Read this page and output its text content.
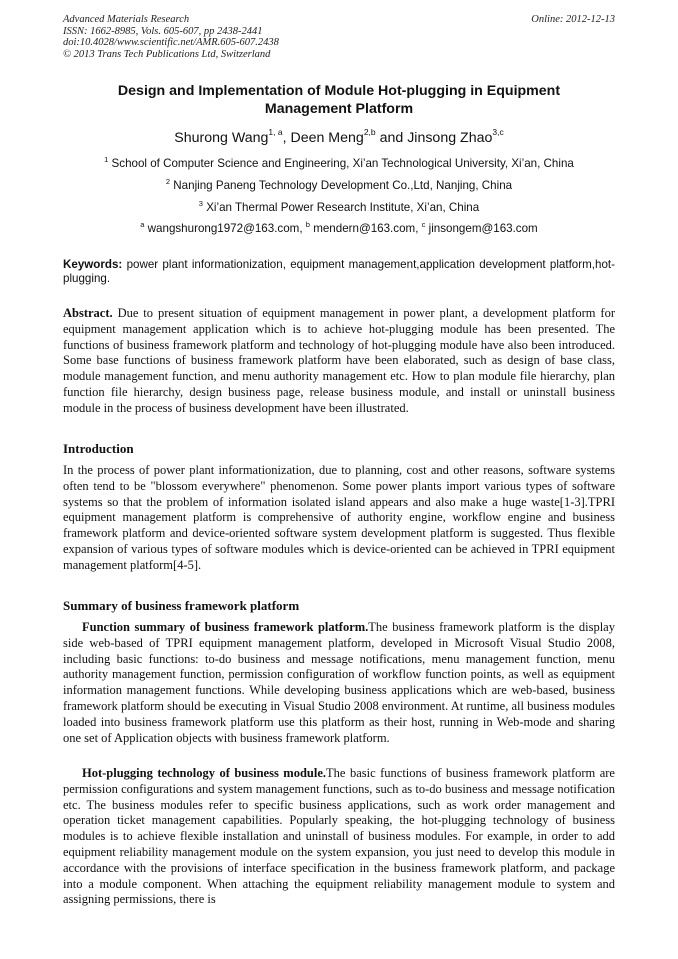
Advanced Materials Research
ISSN: 1662-8985, Vols. 605-607, pp 2438-2441
doi:10.4028/www.scientific.net/AMR.605-607.2438
© 2013 Trans Tech Publications Ltd, Switzerland
Online: 2012-12-13
Design and Implementation of Module Hot-plugging in Equipment
Management Platform
Shurong Wang$^{1, a}$, Deen Meng$^{2,b}$ and Jinsong Zhao$^{3,c}$
$^1$ School of Computer Science and Engineering, Xi’an Technological University, Xi’an, China
$^2$ Nanjing Paneng Technology Development Co.,Ltd, Nanjing, China
$^3$ Xi’an Thermal Power Research Institute, Xi’an, China
$^a$ wangshurong1972@163.com, $^b$ mendern@163.com, $^c$ jinsongem@163.com
Keywords: power plant informationization, equipment management,application development platform,hot-plugging.
Abstract. Due to present situation of equipment management in power plant, a development platform for equipment management application which is to achieve hot-plugging module has been presented. The functions of business framework platform and technology of hot-plugging module have also been introduced. Some base functions of business framework platform have been elaborated, such as design of base class, module management function, and menu authority management etc. How to plan module file hierarchy, plan function file hierarchy, design business page, release business module, and install or uninstall business module in the process of business development have been illustrated.
Introduction
In the process of power plant informationization, due to planning, cost and other reasons, software systems often tend to be "blossom everywhere" phenomenon. Some power plants import various types of software systems so that the problem of information isolated island appears and also make a huge waste[1-3].TPRI equipment management platform is comprehensive of authority engine, workflow engine and business framework platform and device-oriented software system development platform is suggested. Thus flexible expansion of various types of software modules which is device-oriented can be achieved in TPRI equipment management platform[4-5].
Summary of business framework platform
Function summary of business framework platform.The business framework platform is the display side web-based of TPRI equipment management platform, developed in Microsoft Visual Studio 2008, including basic functions: to-do business and message notifications, menu management function, menu authority management function, permission configuration of workflow function points, as well as equipment information management functions. While developing business applications which are web-based, business framework platform should be executing in Visual Studio 2008 environment. At runtime, all business modules loaded into business framework platform use this platform as their host, running in Web-mode and sharing one set of Application objects with business framework platform.
Hot-plugging technology of business module.The basic functions of business framework platform are permission configurations and system management functions, such as to-do business and message notification etc. The business modules refer to specific business applications, such as work order management and operation ticket management capabilities. Popularly speaking, the hot-plugging technology of business modules is to achieve flexible installation and uninstall of business modules. For example, in order to add equipment reliability management module on the system expansion, you just need to develop this module in accordance with the provisions of interface specification in the business framework platform, and package into a module component. When attaching the equipment reliability management module to system and assigning permissions, there is
